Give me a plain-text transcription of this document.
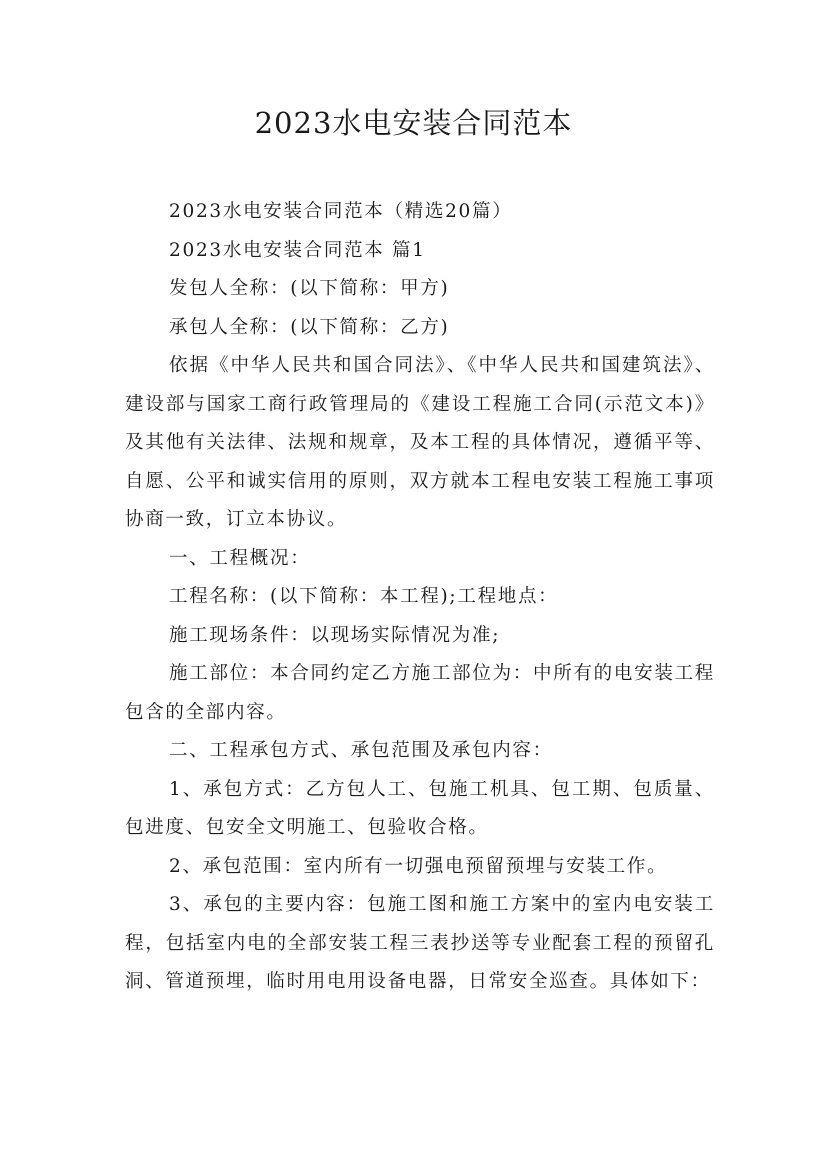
2023水电安装合同范本

2023水电安装合同范本（精选20篇）

2023水电安装合同范本 篇1

发包人全称：(以下简称：甲方)

承包人全称：(以下简称：乙方)

依据《中华人民共和国合同法》、《中华人民共和国建筑法》、建设部与国家工商行政管理局的《建设工程施工合同(示范文本)》及其他有关法律、法规和规章，及本工程的具体情况，遵循平等、自愿、公平和诚实信用的原则，双方就本工程电安装工程施工事项协商一致，订立本协议。

一、工程概况：

工程名称：(以下简称：本工程);工程地点：

施工现场条件：以现场实际情况为准;

施工部位：本合同约定乙方施工部位为：中所有的电安装工程包含的全部内容。

二、工程承包方式、承包范围及承包内容：

1、承包方式：乙方包人工、包施工机具、包工期、包质量、包进度、包安全文明施工、包验收合格。

2、承包范围：室内所有一切强电预留预埋与安装工作。

3、承包的主要内容：包施工图和施工方案中的室内电安装工程，包括室内电的全部安装工程三表抄送等专业配套工程的预留孔洞、管道预埋，临时用电用设备电器，日常安全巡查。具体如下：
